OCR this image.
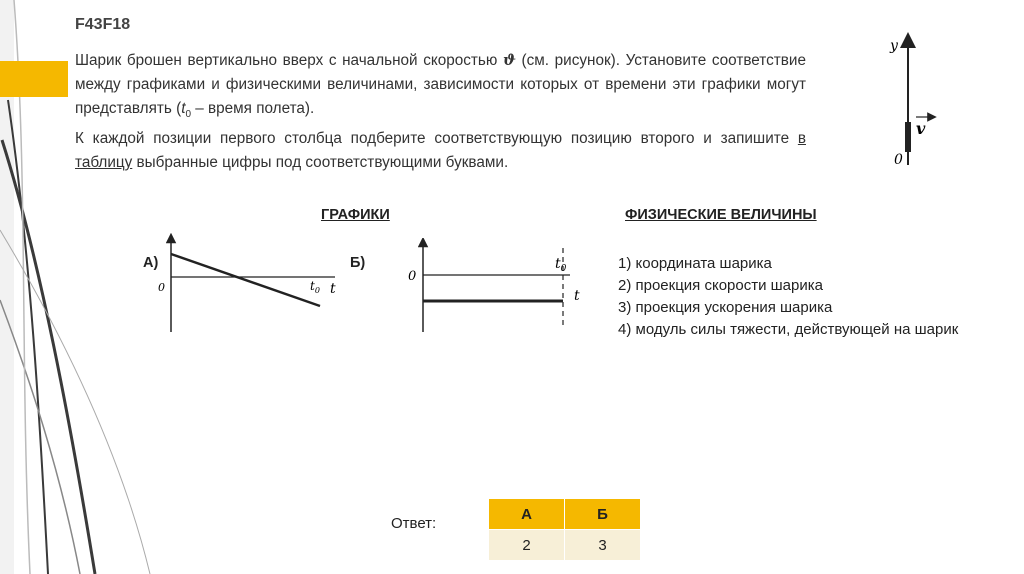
F43F18

Шарик брошен вертикально вверх с начальной скоростью ϑ (см. рисунок). Установите соответствие между графиками и физическими величинами, зависимости которых от времени эти графики могут представлять ($t_0$ – время полета).

К каждой позиции первого столбца подберите соответствующую позицию второго и запишите в таблицу выбранные цифры под соответствующими буквами.

y
0
v
ГРАФИКИ	ФИЗИЧЕСКИЕ ВЕЛИЧИНЫ
А)	Б)
0	$t_0$ t
0
$t_0$
t
1) координата шарика
2) проекция скорости шарика
3) проекция ускорения шарика
4) модуль силы тяжести, действующей на шарик
Ответ:
А	Б
2	3
